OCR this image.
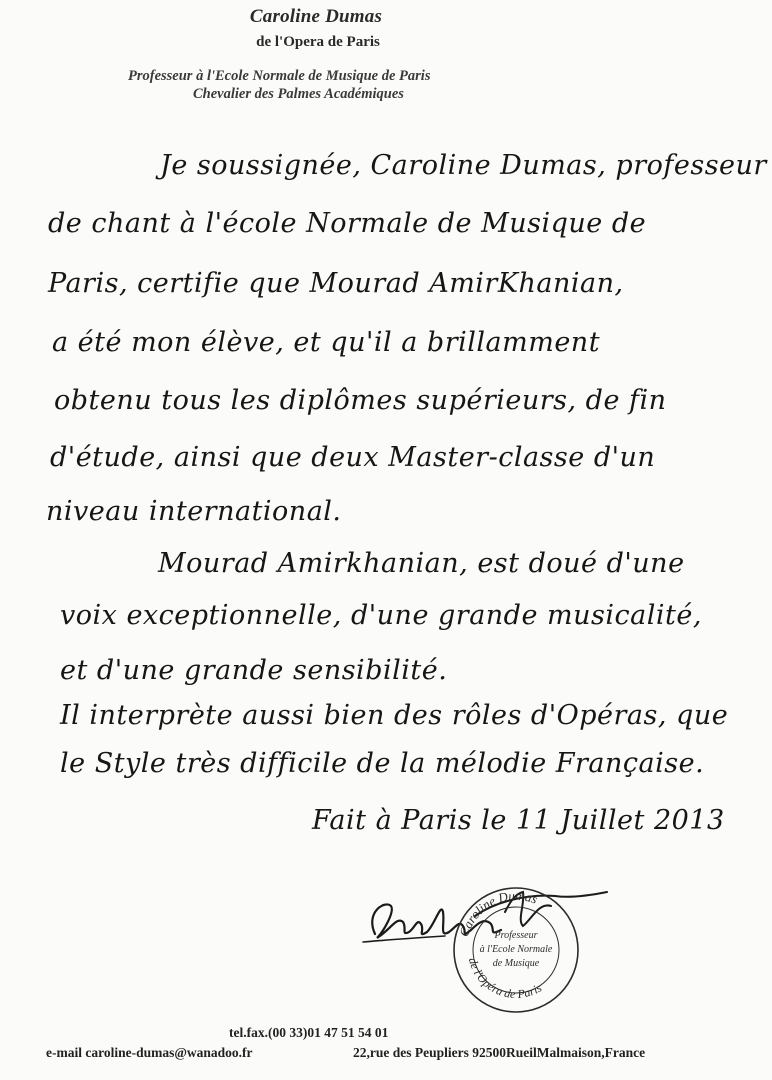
Caroline Dumas
de l'Opera de Paris
Professeur à l'Ecole Normale de Musique de Paris
Chevalier des Palmes Académiques
Je soussignée, Caroline Dumas, professeur
de chant à l'école Normale de Musique de
Paris, certifie que Mourad AmirKhanian,
a été mon élève, et qu'il a brillamment
obtenu tous les diplômes supérieurs, de fin
d'étude, ainsi que deux Master-classe d'un
niveau international.
Mourad Amirkhanian, est doué d'une
voix exceptionnelle, d'une grande musicalité,
et d'une grande sensibilité.
Il interprète aussi bien des rôles d'Opéras, que
le Style très difficile de la mélodie Française.
Fait à Paris le 11 Juillet 2013
Caroline Dumas
de l'Opéra de Paris
Professeur
à l'Ecole Normale
de Musique
tel.fax.(00 33)01 47 51 54 01
e-mail caroline-dumas@wanadoo.fr	22,rue des Peupliers 92500RueilMalmaison,France
